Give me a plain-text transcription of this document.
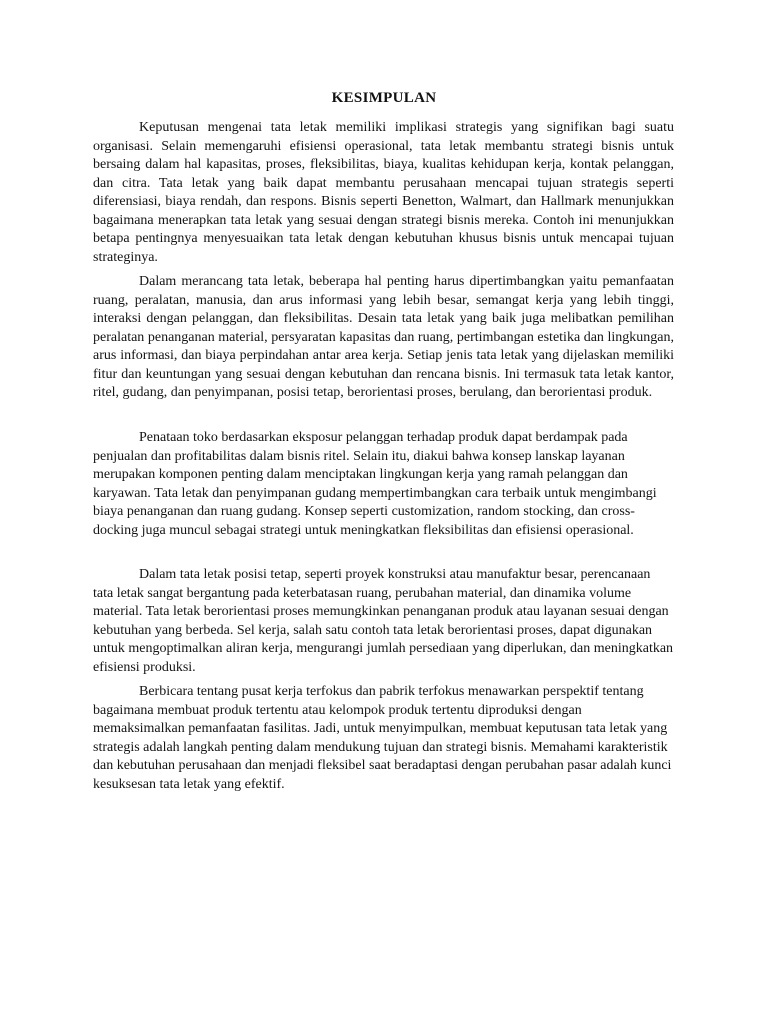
KESIMPULAN

Keputusan mengenai tata letak memiliki implikasi strategis yang signifikan bagi suatu organisasi. Selain memengaruhi efisiensi operasional, tata letak membantu strategi bisnis untuk bersaing dalam hal kapasitas, proses, fleksibilitas, biaya, kualitas kehidupan kerja, kontak pelanggan, dan citra. Tata letak yang baik dapat membantu perusahaan mencapai tujuan strategis seperti diferensiasi, biaya rendah, dan respons. Bisnis seperti Benetton, Walmart, dan Hallmark menunjukkan bagaimana menerapkan tata letak yang sesuai dengan strategi bisnis mereka. Contoh ini menunjukkan betapa pentingnya menyesuaikan tata letak dengan kebutuhan khusus bisnis untuk mencapai tujuan strateginya.

Dalam merancang tata letak, beberapa hal penting harus dipertimbangkan yaitu pemanfaatan ruang, peralatan, manusia, dan arus informasi yang lebih besar, semangat kerja yang lebih tinggi, interaksi dengan pelanggan, dan fleksibilitas. Desain tata letak yang baik juga melibatkan pemilihan peralatan penanganan material, persyaratan kapasitas dan ruang, pertimbangan estetika dan lingkungan, arus informasi, dan biaya perpindahan antar area kerja. Setiap jenis tata letak yang dijelaskan memiliki fitur dan keuntungan yang sesuai dengan kebutuhan dan rencana bisnis. Ini termasuk tata letak kantor, ritel, gudang, dan penyimpanan, posisi tetap, berorientasi proses, berulang, dan berorientasi produk.

Penataan toko berdasarkan eksposur pelanggan terhadap produk dapat berdampak pada penjualan dan profitabilitas dalam bisnis ritel. Selain itu, diakui bahwa konsep lanskap layanan merupakan komponen penting dalam menciptakan lingkungan kerja yang ramah pelanggan dan karyawan. Tata letak dan penyimpanan gudang mempertimbangkan cara terbaik untuk mengimbangi biaya penanganan dan ruang gudang. Konsep seperti customization, random stocking, dan cross-docking juga muncul sebagai strategi untuk meningkatkan fleksibilitas dan efisiensi operasional.

Dalam tata letak posisi tetap, seperti proyek konstruksi atau manufaktur besar, perencanaan tata letak sangat bergantung pada keterbatasan ruang, perubahan material, dan dinamika volume material. Tata letak berorientasi proses memungkinkan penanganan produk atau layanan sesuai dengan kebutuhan yang berbeda. Sel kerja, salah satu contoh tata letak berorientasi proses, dapat digunakan untuk mengoptimalkan aliran kerja, mengurangi jumlah persediaan yang diperlukan, dan meningkatkan efisiensi produksi.

Berbicara tentang pusat kerja terfokus dan pabrik terfokus menawarkan perspektif tentang bagaimana membuat produk tertentu atau kelompok produk tertentu diproduksi dengan memaksimalkan pemanfaatan fasilitas. Jadi, untuk menyimpulkan, membuat keputusan tata letak yang strategis adalah langkah penting dalam mendukung tujuan dan strategi bisnis. Memahami karakteristik dan kebutuhan perusahaan dan menjadi fleksibel saat beradaptasi dengan perubahan pasar adalah kunci kesuksesan tata letak yang efektif.
